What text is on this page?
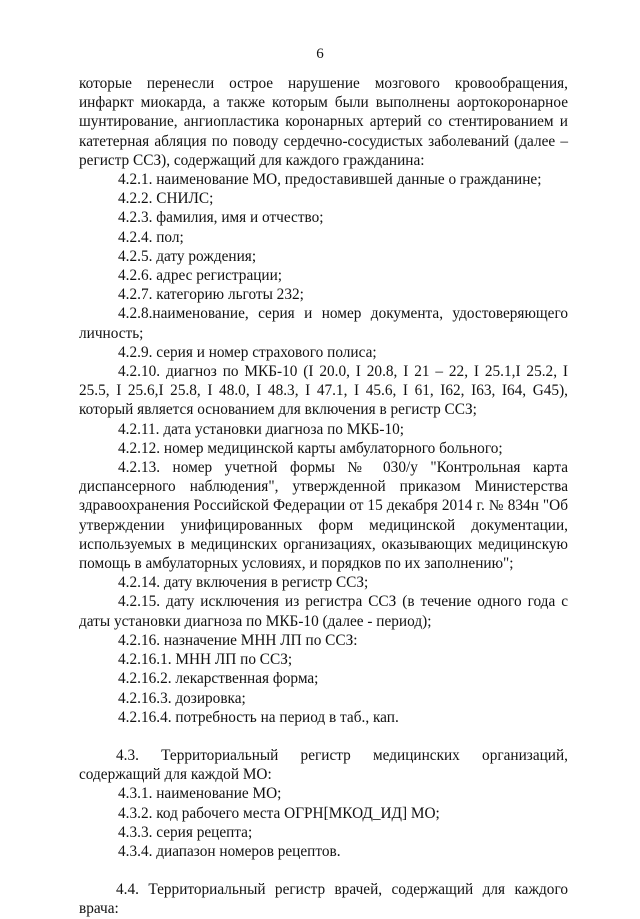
6

которые перенесли острое нарушение мозгового кровообращения, инфаркт миокарда, а также которым были выполнены аортокоронарное шунтирование, ангиопластика коронарных артерий со стентированием и катетерная абляция по поводу сердечно-сосудистых заболеваний (далее – регистр ССЗ), содержащий для каждого гражданина:

4.2.1. наименование МО, предоставившей данные о гражданине;

4.2.2. СНИЛС;

4.2.3. фамилия, имя и отчество;

4.2.4. пол;

4.2.5. дату рождения;

4.2.6. адрес регистрации;

4.2.7. категорию льготы 232;

4.2.8.наименование, серия и номер документа, удостоверяющего личность;

4.2.9. серия и номер страхового полиса;

4.2.10. диагноз по МКБ-10 (I 20.0, I 20.8, I 21 – 22, I 25.1,I 25.2, I 25.5, I 25.6,I 25.8, I 48.0, I 48.3, I 47.1, I 45.6, I 61, I62, I63, I64, G45), который является основанием для включения в регистр ССЗ;

4.2.11. дата установки диагноза по МКБ-10;

4.2.12. номер медицинской карты амбулаторного больного;

4.2.13. номер учетной формы № 030/у "Контрольная карта диспансерного наблюдения", утвержденной приказом Министерства здравоохранения Российской Федерации от 15 декабря 2014 г. № 834н "Об утверждении унифицированных форм медицинской документации, используемых в медицинских организациях, оказывающих медицинскую помощь в амбулаторных условиях, и порядков по их заполнению";

4.2.14. дату включения в регистр ССЗ;

4.2.15. дату исключения из регистра ССЗ (в течение одного года с даты установки диагноза по МКБ-10 (далее - период);

4.2.16. назначение МНН ЛП по ССЗ:

4.2.16.1. МНН ЛП по ССЗ;

4.2.16.2. лекарственная форма;

4.2.16.3. дозировка;

4.2.16.4. потребность на период в таб., кап.

4.3. Территориальный регистр медицинских организаций, содержащий для каждой МО:

4.3.1. наименование МО;

4.3.2. код рабочего места ОГРН[МКОД_ИД] МО;

4.3.3. серия рецепта;

4.3.4. диапазон номеров рецептов.

4.4. Территориальный регистр врачей, содержащий для каждого врача:
